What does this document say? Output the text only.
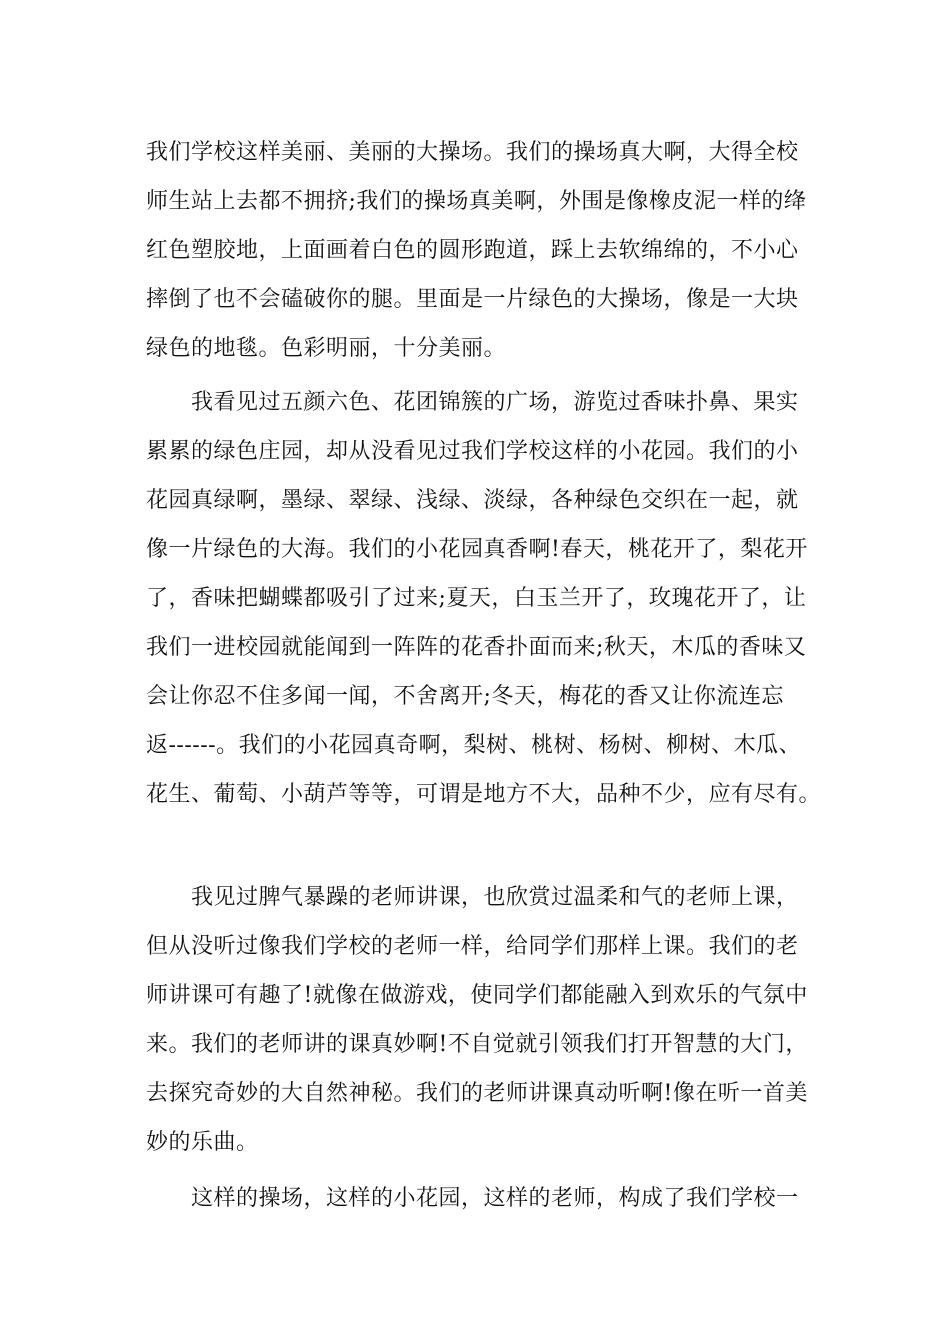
我们学校这样美丽、美丽的大操场。我们的操场真大啊，大得全校
师生站上去都不拥挤;我们的操场真美啊，外围是像橡皮泥一样的绛
红色塑胶地，上面画着白色的圆形跑道，踩上去软绵绵的，不小心
摔倒了也不会磕破你的腿。里面是一片绿色的大操场，像是一大块
绿色的地毯。色彩明丽，十分美丽。
我看见过五颜六色、花团锦簇的广场，游览过香味扑鼻、果实
累累的绿色庄园，却从没看见过我们学校这样的小花园。我们的小
花园真绿啊，墨绿、翠绿、浅绿、淡绿，各种绿色交织在一起，就
像一片绿色的大海。我们的小花园真香啊!春天，桃花开了，梨花开
了，香味把蝴蝶都吸引了过来;夏天，白玉兰开了，玫瑰花开了，让
我们一进校园就能闻到一阵阵的花香扑面而来;秋天，木瓜的香味又
会让你忍不住多闻一闻，不舍离开;冬天，梅花的香又让你流连忘
返------。我们的小花园真奇啊，梨树、桃树、杨树、柳树、木瓜、
花生、葡萄、小葫芦等等，可谓是地方不大，品种不少，应有尽有。
我见过脾气暴躁的老师讲课，也欣赏过温柔和气的老师上课，
但从没听过像我们学校的老师一样，给同学们那样上课。我们的老
师讲课可有趣了!就像在做游戏，使同学们都能融入到欢乐的气氛中
来。我们的老师讲的课真妙啊!不自觉就引领我们打开智慧的大门，
去探究奇妙的大自然神秘。我们的老师讲课真动听啊!像在听一首美
妙的乐曲。
这样的操场，这样的小花园，这样的老师，构成了我们学校一
